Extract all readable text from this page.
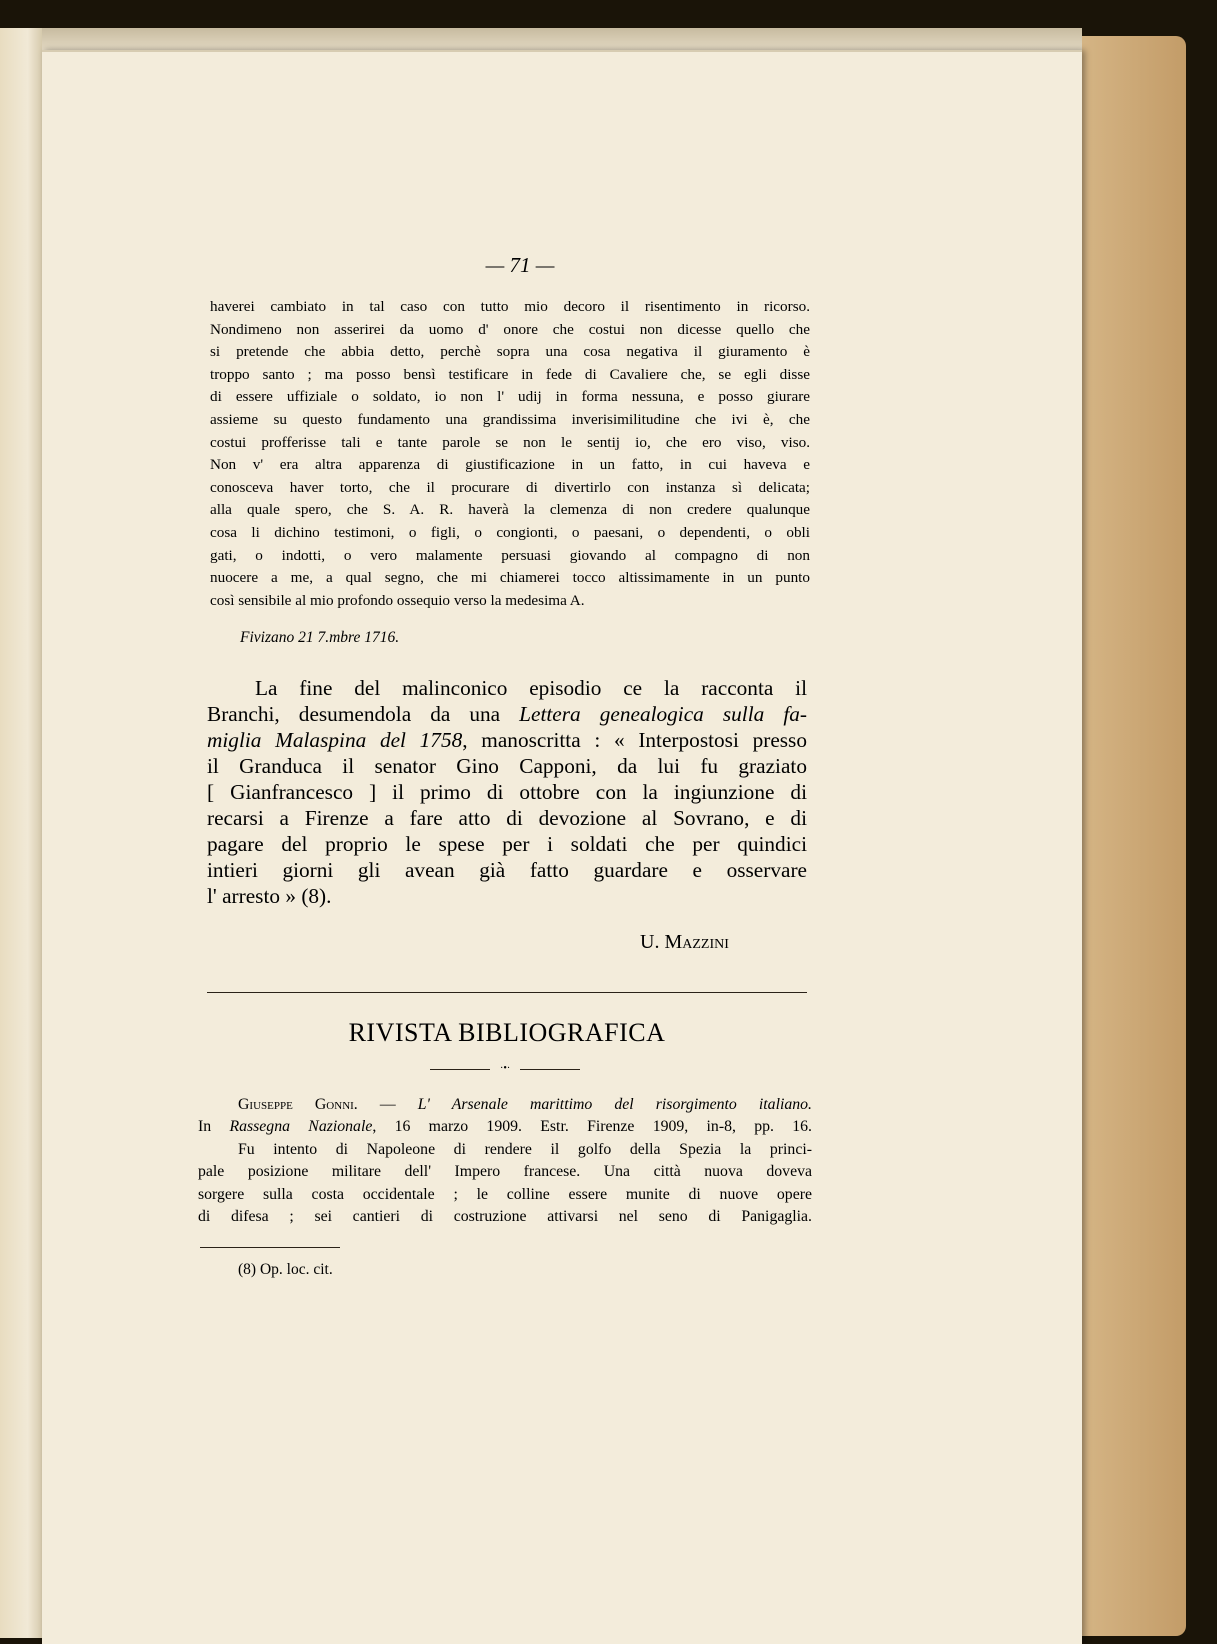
— 71 —
haverei cambiato in tal caso con tutto mio decoro il risentimento in ricorso.
Nondimeno non asserirei da uomo d' onore che costui non dicesse quello che
si pretende che abbia detto, perchè sopra una cosa negativa il giuramento è
troppo santo ; ma posso bensì testificare in fede di Cavaliere che, se egli disse
di essere uffiziale o soldato, io non l' udij in forma nessuna, e posso giurare
assieme su questo fundamento una grandissima inverisimilitudine che ivi è, che
costui profferisse tali e tante parole se non le sentij io, che ero viso, viso.
Non v' era altra apparenza di giustificazione in un fatto, in cui haveva e
conosceva haver torto, che il procurare di divertirlo con instanza sì delicata;
alla quale spero, che S. A. R. haverà la clemenza di non credere qualunque
cosa li dichino testimoni, o figli, o congionti, o paesani, o dependenti, o obli
gati, o indotti, o vero malamente persuasi giovando al compagno di non
nuocere a me, a qual segno, che mi chiamerei tocco altissimamente in un punto
così sensibile al mio profondo ossequio verso la medesima A.
Fivizano 21 7.mbre 1716.
La fine del malinconico episodio ce la racconta il
Branchi, desumendola da una Lettera genealogica sulla fa-
miglia Malaspina del 1758, manoscritta : « Interpostosi presso
il Granduca il senator Gino Capponi, da lui fu graziato
[ Gianfrancesco ] il primo di ottobre con la ingiunzione di
recarsi a Firenze a fare atto di devozione al Sovrano, e di
pagare del proprio le spese per i soldati che per quindici
intieri giorni gli avean già fatto guardare e osservare
l' arresto » (8).
U. Mazzini
RIVISTA BIBLIOGRAFICA
·•·
Giuseppe Gonni. — L' Arsenale marittimo del risorgimento italiano.
In Rassegna Nazionale, 16 marzo 1909. Estr. Firenze 1909, in-8, pp. 16.
Fu intento di Napoleone di rendere il golfo della Spezia la princi-
pale posizione militare dell' Impero francese. Una città nuova doveva
sorgere sulla costa occidentale ; le colline essere munite di nuove opere
di difesa ; sei cantieri di costruzione attivarsi nel seno di Panigaglia.
(8) Op. loc. cit.
